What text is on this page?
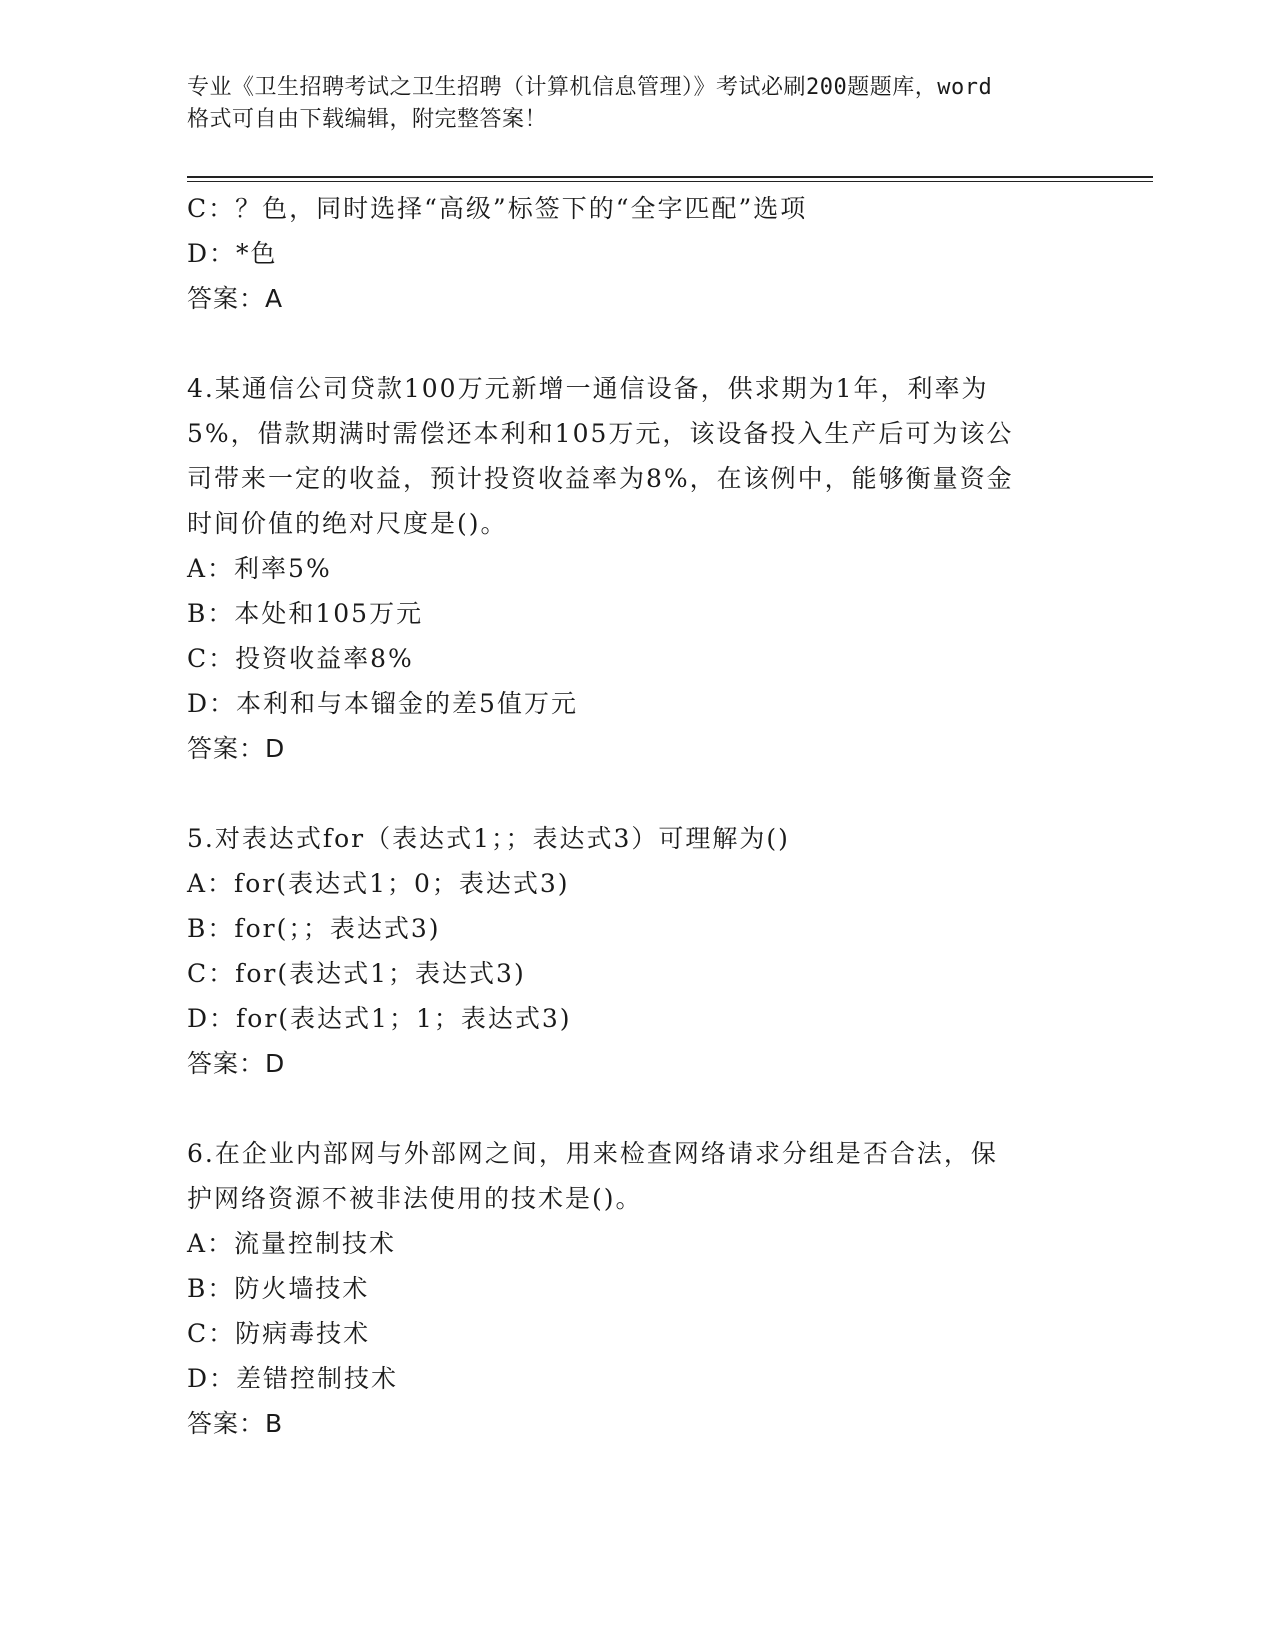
专业《卫生招聘考试之卫生招聘（计算机信息管理）》考试必刷200题题库，word
格式可自由下载编辑，附完整答案！
C：？色，同时选择“高级”标签下的“全字匹配”选项
D：*色
答案：A
4.某通信公司贷款100万元新增一通信设备，供求期为1年，利率为
5%，借款期满时需偿还本利和105万元，该设备投入生产后可为该公
司带来一定的收益，预计投资收益率为8%，在该例中，能够衡量资金
时间价值的绝对尺度是()。
A：利率5%
B：本处和105万元
C：投资收益率8%
D：本利和与本镏金的差5值万元
答案：D
5.对表达式for（表达式1；；表达式3）可理解为()
A：for(表达式1；0；表达式3)
B：for(；；表达式3)
C：for(表达式1；表达式3)
D：for(表达式1；1；表达式3)
答案：D
6.在企业内部网与外部网之间，用来检查网络请求分组是否合法，保
护网络资源不被非法使用的技术是()。
A：流量控制技术
B：防火墙技术
C：防病毒技术
D：差错控制技术
答案：B
